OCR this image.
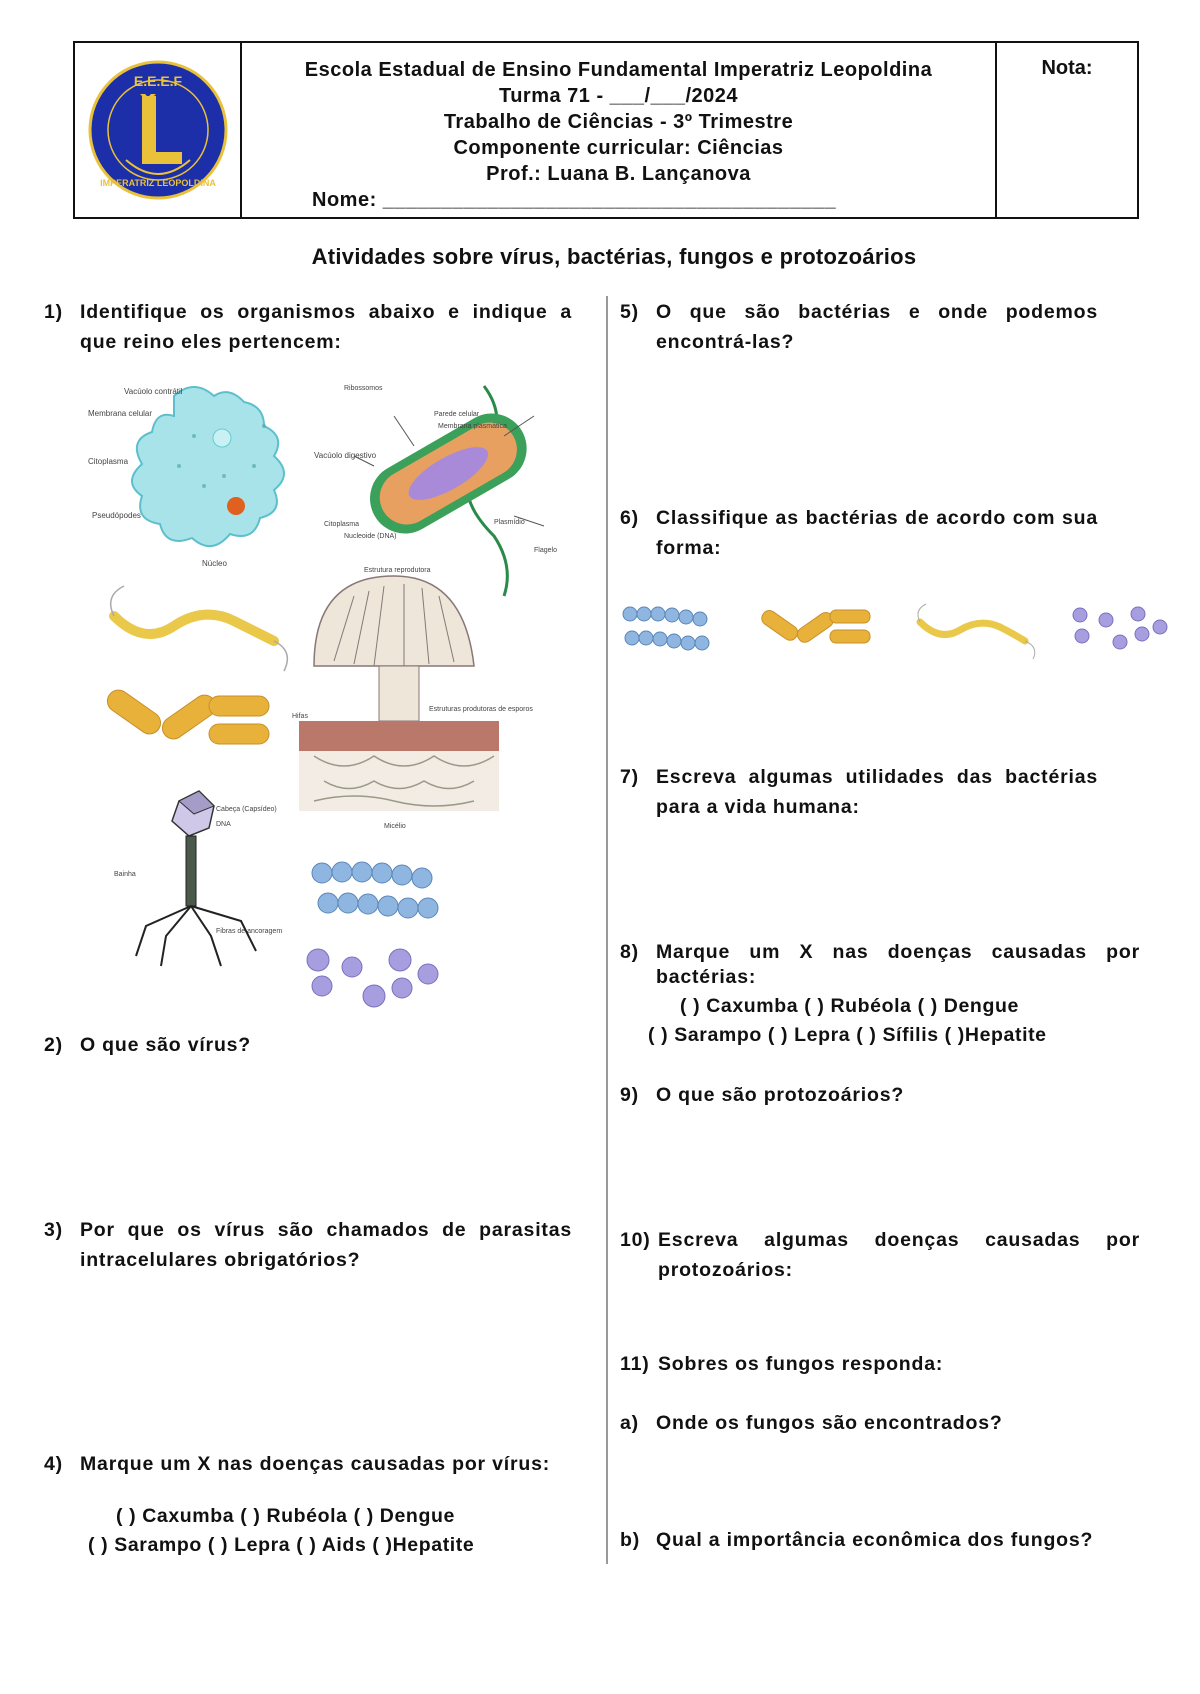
E.E.E.F
IMPERATRIZ LEOPOLDINA
Escola Estadual de Ensino Fundamental Imperatriz Leopoldina
Turma 71 - ___/___/2024
Trabalho de Ciências - 3º Trimestre
Componente curricular: Ciências
Prof.: Luana B. Lançanova
Nome: _______________________________________
Nota:
Atividades sobre vírus, bactérias, fungos e protozoários
1) Identifique os organismos abaixo e indique a que reino eles pertencem:
Vacúolo contrátil
Membrana celular
Citoplasma
Pseudópodes
Núcleo
Vacúolo digestivo
Ribossomos
Parede celular
Membrana plasmática
Citoplasma
Nucleoide (DNA)
Plasmídio
Flagelo
Estrutura reprodutora
Hifas
Estruturas produtoras de esporos
Micélio
Cabeça (Capsídeo)
DNA
Bainha
Fibras de ancoragem
2) O que são vírus?
3) Por que os vírus são chamados de parasitas intracelulares obrigatórios?
4) Marque um X nas doenças causadas por vírus:
( ) Caxumba ( ) Rubéola ( ) Dengue
( ) Sarampo ( ) Lepra ( ) Aids ( )Hepatite
5) O que são bactérias e onde podemos encontrá-las?
6) Classifique as bactérias de acordo com sua forma:
7) Escreva algumas utilidades das bactérias para a vida humana:
8) Marque um X nas doenças causadas por bactérias:
( ) Caxumba ( ) Rubéola ( ) Dengue
( ) Sarampo ( ) Lepra ( ) Sífilis ( )Hepatite
9) O que são protozoários?
10) Escreva algumas doenças causadas por protozoários:
11) Sobres os fungos responda:
a) Onde os fungos são encontrados?
b) Qual a importância econômica dos fungos?
